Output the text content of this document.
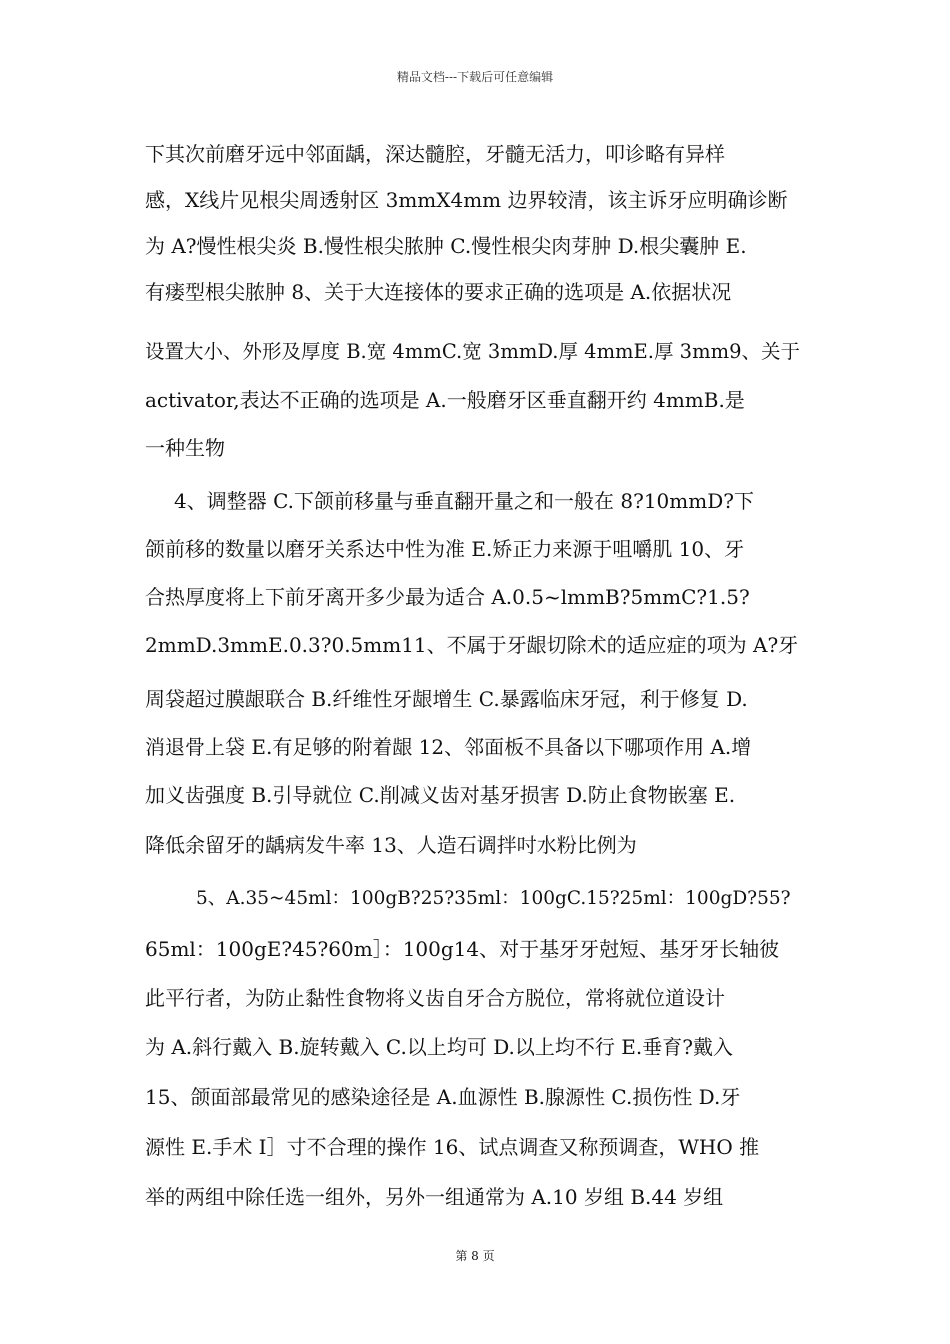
精品文档---下载后可任意编辑
下其次前磨牙远中邻面龋，深达髓腔，牙髓无活力，叩诊略有异样
感，X线片见根尖周透射区 3mmX4mm 边界较清，该主诉牙应明确诊断
为 A?慢性根尖炎 B.慢性根尖脓肿 C.慢性根尖肉芽肿 D.根尖囊肿 E.
有瘘型根尖脓肿 8、关于大连接体的要求正确的选项是 A.依据状况
设置大小、外形及厚度 B.宽 4mmC.宽 3mmD.厚 4mmE.厚 3mm9、关于
activator,表达不正确的选项是 A.一般磨牙区垂直翻开约 4mmB.是
一种生物
4、调整器 C.下颌前移量与垂直翻开量之和一般在 8?10mmD?下
颌前移的数量以磨牙关系达中性为准 E.矫正力来源于咀嚼肌 10、牙
合热厚度将上下前牙离开多少最为适合 A.0.5~lmmB?5mmC?1.5?
2mmD.3mmE.0.3?0.5mm11、不属于牙龈切除术的适应症的项为 A?牙
周袋超过膜龈联合 B.纤维性牙龈增生 C.暴露临床牙冠，利于修复 D.
消退骨上袋 E.有足够的附着龈 12、邻面板不具备以下哪项作用 A.增
加义齿强度 B.引导就位 C.削减义齿对基牙损害 D.防止食物嵌塞 E.
降低余留牙的龋病发牛率 13、人造石调拌吋水粉比例为
5、A.35~45ml：100gB?25?35ml：100gC.15?25ml：100gD?55?
65ml：100gE?45?60m］：100g14、对于基牙牙尅短、基牙牙长轴彼
此平行者，为防止黏性食物将义齿自牙合方脱位，常将就位道设计
为 A.斜行戴入 B.旋转戴入 C.以上均可 D.以上均不行 E.垂育?戴入
15、颌面部最常见的感染途径是 A.血源性 B.腺源性 C.损伤性 D.牙
源性 E.手术 I］寸不合理的操作 16、试点调查又称预调查，WHO 推
举的两组中除任选一组外，另外一组通常为 A.10 岁组 B.44 岁组
第 8 页
